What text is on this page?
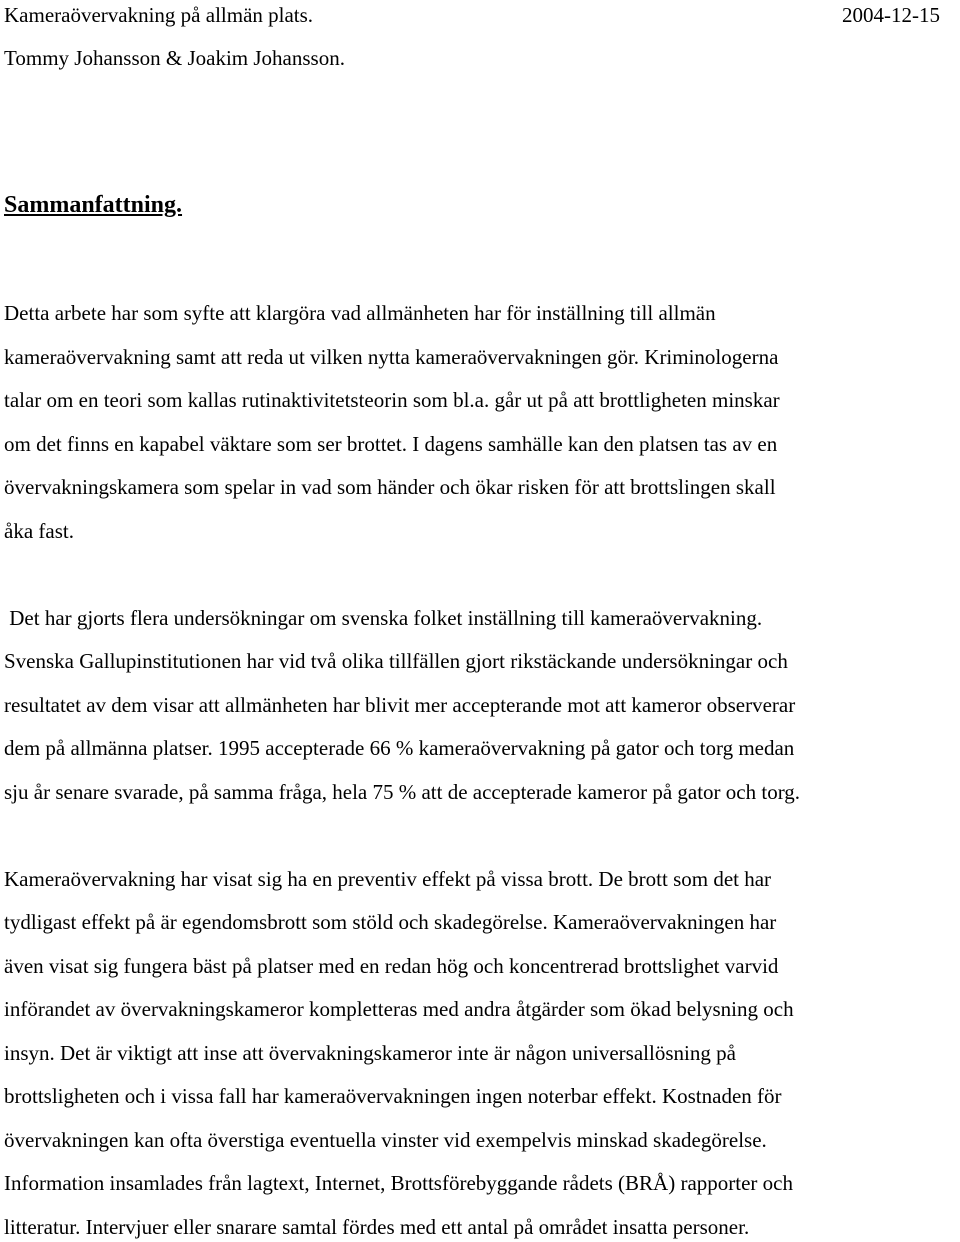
Kameraövervakning på allmän plats.	2004-12-15
Tommy Johansson & Joakim Johansson.
Sammanfattning.
Detta arbete har som syfte att klargöra vad allmänheten har för inställning till allmän
kameraövervakning samt att reda ut vilken nytta kameraövervakningen gör. Kriminologerna
talar om en teori som kallas rutinaktivitetsteorin som bl.a. går ut på att brottligheten minskar
om det finns en kapabel väktare som ser brottet. I dagens samhälle kan den platsen tas av en
övervakningskamera som spelar in vad som händer och ökar risken för att brottslingen skall
åka fast.
Det har gjorts flera undersökningar om svenska folket inställning till kameraövervakning.
Svenska Gallupinstitutionen har vid två olika tillfällen gjort rikstäckande undersökningar och
resultatet av dem visar att allmänheten har blivit mer accepterande mot att kameror observerar
dem på allmänna platser. 1995 accepterade 66 % kameraövervakning på gator och torg medan
sju år senare svarade, på samma fråga, hela 75 % att de accepterade kameror på gator och torg.
Kameraövervakning har visat sig ha en preventiv effekt på vissa brott. De brott som det har
tydligast effekt på är egendomsbrott som stöld och skadegörelse. Kameraövervakningen har
även visat sig fungera bäst på platser med en redan hög och koncentrerad brottslighet varvid
införandet av övervakningskameror kompletteras med andra åtgärder som ökad belysning och
insyn. Det är viktigt att inse att övervakningskameror inte är någon universallösning på
brottsligheten och i vissa fall har kameraövervakningen ingen noterbar effekt. Kostnaden för
övervakningen kan ofta överstiga eventuella vinster vid exempelvis minskad skadegörelse.
Information insamlades från lagtext, Internet, Brottsförebyggande rådets (BRÅ) rapporter och
litteratur. Intervjuer eller snarare samtal fördes med ett antal på området insatta personer.
